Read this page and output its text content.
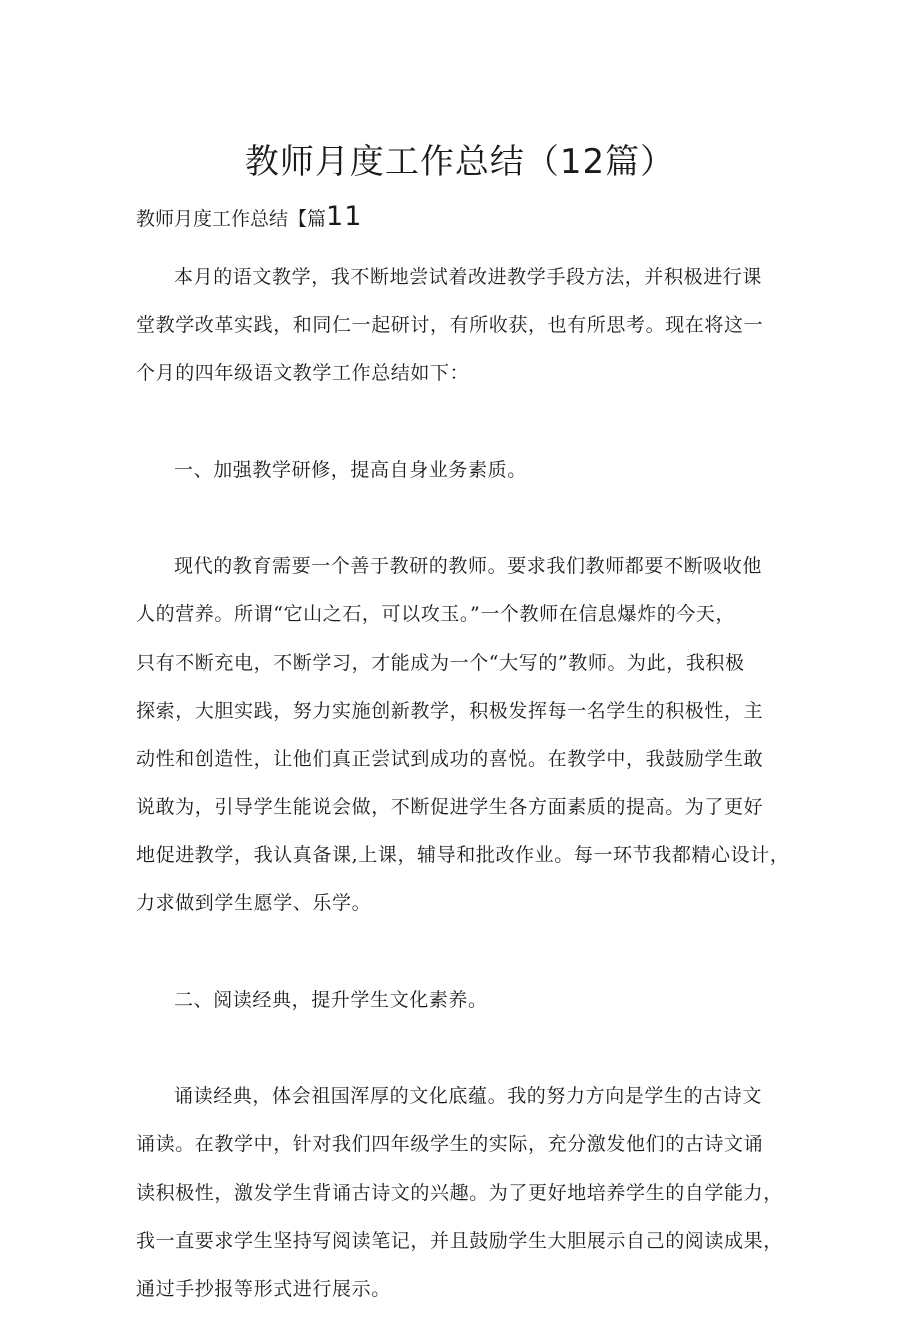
教师月度工作总结（12篇）
教师月度工作总结【篇11
本月的语文教学，我不断地尝试着改进教学手段方法，并积极进行课
堂教学改革实践，和同仁一起研讨，有所收获，也有所思考。现在将这一
个月的四年级语文教学工作总结如下：
一、加强教学研修，提高自身业务素质。
现代的教育需要一个善于教研的教师。要求我们教师都要不断吸收他
人的营养。所谓“它山之石，可以攻玉。”一个教师在信息爆炸的今天，
只有不断充电，不断学习，才能成为一个“大写的”教师。为此，我积极
探索，大胆实践，努力实施创新教学，积极发挥每一名学生的积极性，主
动性和创造性，让他们真正尝试到成功的喜悦。在教学中，我鼓励学生敢
说敢为，引导学生能说会做，不断促进学生各方面素质的提高。为了更好
地促进教学，我认真备课,上课，辅导和批改作业。每一环节我都精心设计，
力求做到学生愿学、乐学。
二、阅读经典，提升学生文化素养。
诵读经典，体会祖国浑厚的文化底蕴。我的努力方向是学生的古诗文
诵读。在教学中，针对我们四年级学生的实际，充分激发他们的古诗文诵
读积极性，激发学生背诵古诗文的兴趣。为了更好地培养学生的自学能力，
我一直要求学生坚持写阅读笔记，并且鼓励学生大胆展示自己的阅读成果，
通过手抄报等形式进行展示。
